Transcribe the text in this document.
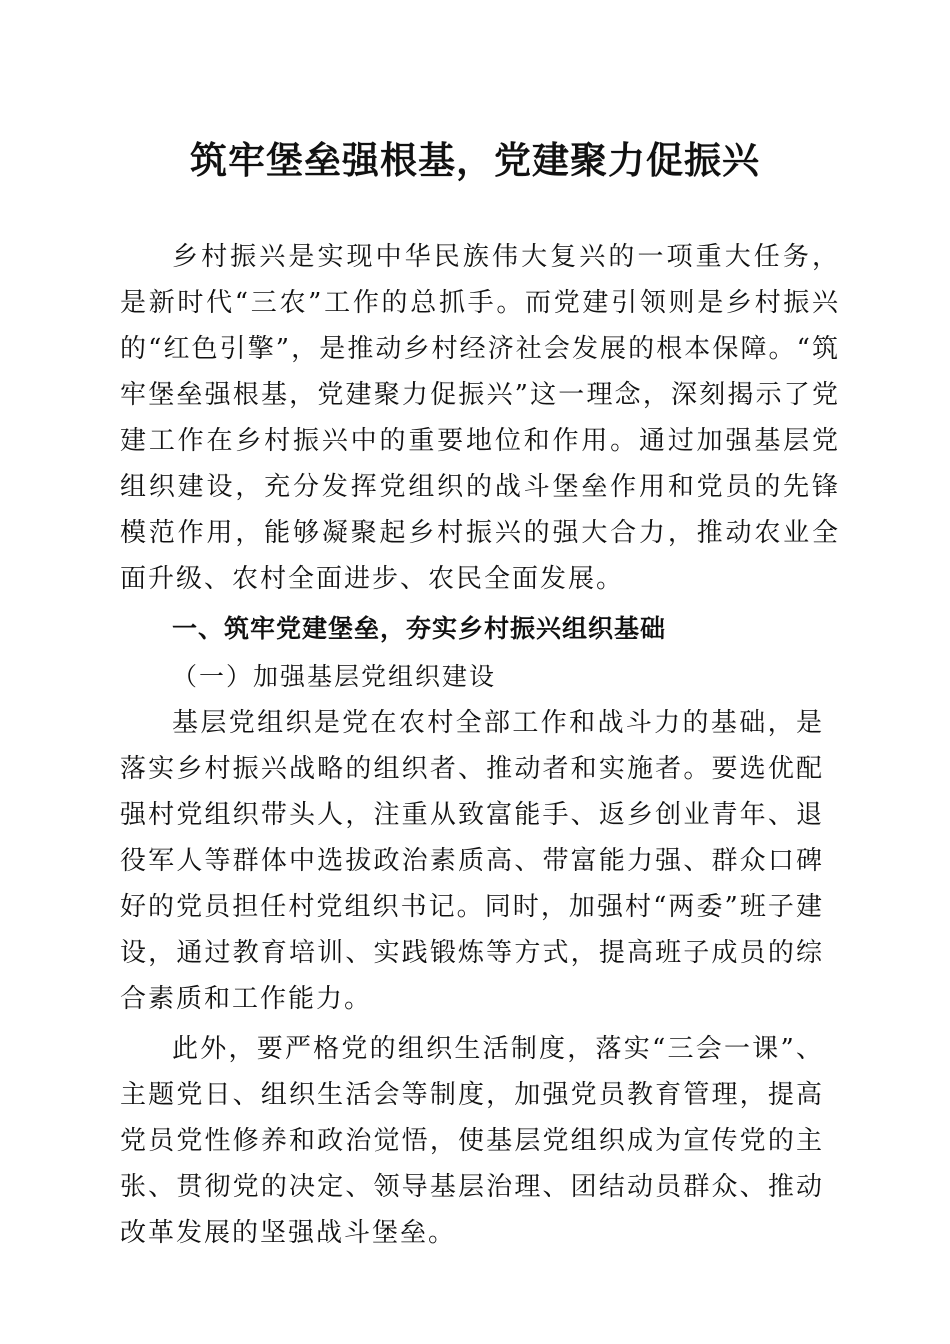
筑牢堡垒强根基，党建聚力促振兴

乡村振兴是实现中华民族伟大复兴的一项重大任务，是新时代“三农”工作的总抓手。而党建引领则是乡村振兴的“红色引擎”，是推动乡村经济社会发展的根本保障。“筑牢堡垒强根基，党建聚力促振兴”这一理念，深刻揭示了党建工作在乡村振兴中的重要地位和作用。通过加强基层党组织建设，充分发挥党组织的战斗堡垒作用和党员的先锋模范作用，能够凝聚起乡村振兴的强大合力，推动农业全面升级、农村全面进步、农民全面发展。

一、筑牢党建堡垒，夯实乡村振兴组织基础

（一）加强基层党组织建设

基层党组织是党在农村全部工作和战斗力的基础，是落实乡村振兴战略的组织者、推动者和实施者。要选优配强村党组织带头人，注重从致富能手、返乡创业青年、退役军人等群体中选拔政治素质高、带富能力强、群众口碑好的党员担任村党组织书记。同时，加强村“两委”班子建设，通过教育培训、实践锻炼等方式，提高班子成员的综合素质和工作能力。

此外，要严格党的组织生活制度，落实“三会一课”、主题党日、组织生活会等制度，加强党员教育管理，提高党员党性修养和政治觉悟，使基层党组织成为宣传党的主张、贯彻党的决定、领导基层治理、团结动员群众、推动改革发展的坚强战斗堡垒。
